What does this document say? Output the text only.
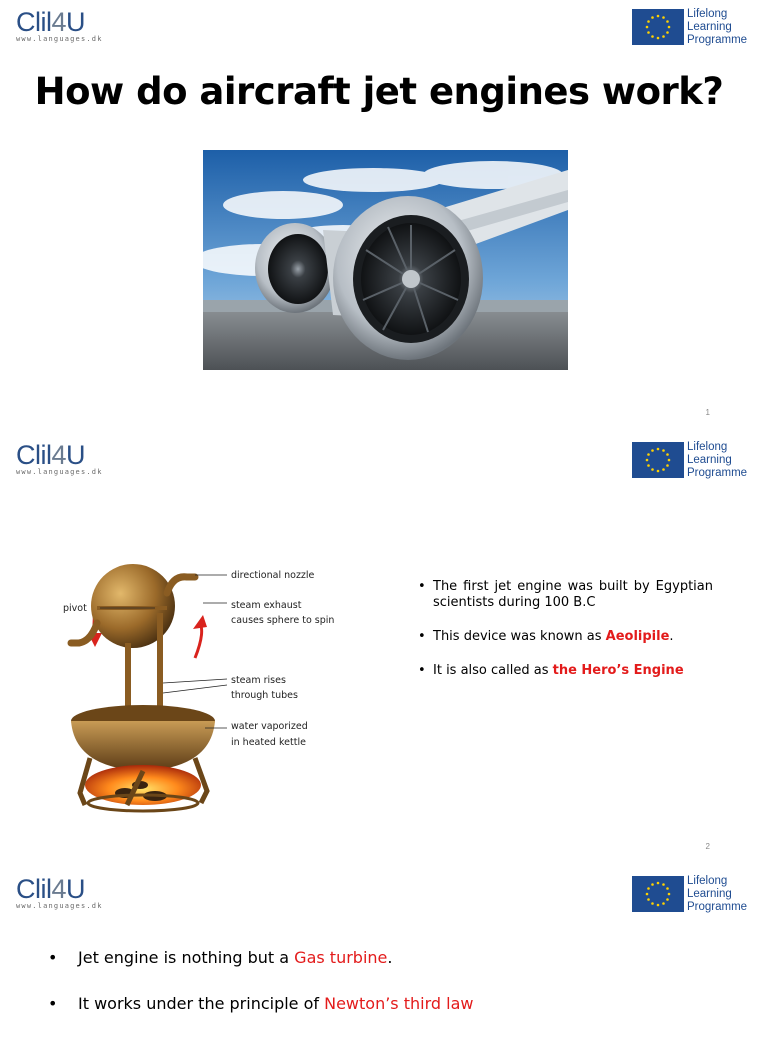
Clil4U
www.languages.dk
Lifelong
Learning
Programme
How do aircraft jet engines work?
1
Clil4U
www.languages.dk
Lifelong
Learning
Programme
pivot
directional nozzle
steam exhaust
causes sphere to spin
steam rises
through tubes
water vaporized
in heated kettle
• The first jet engine was built by Egyptian scientists during 100 B.C
• This device was known as Aeolipile.
• It is also called as the Hero’s Engine
2
Clil4U
www.languages.dk
Lifelong
Learning
Programme
• Jet engine is nothing but a Gas turbine.
• It works under the principle of Newton’s third law
